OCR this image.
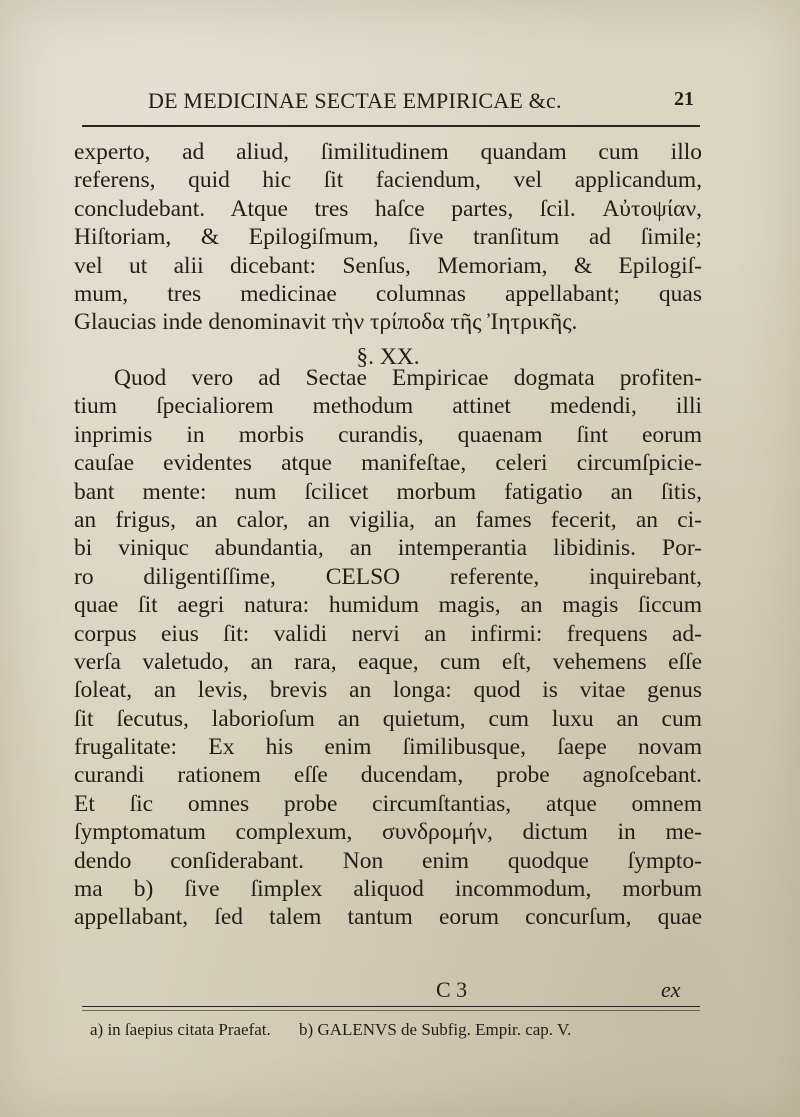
DE MEDICINAE SECTAE EMPIRICAE &c.	21
experto, ad aliud, ſimilitudinem quandam cum illo
referens, quid hic ſit faciendum, vel applicandum,
concludebant. Atque tres haſce partes, ſcil. Αὐτοψίαν,
Hiſtoriam, & Epilogiſmum, ſive tranſitum ad ſimile;
vel ut alii dicebant: Senſus, Memoriam, & Epilogiſ-
mum, tres medicinae columnas appellabant; quas
Glaucias inde denominavit τὴν τρίποδα τῆς Ἰητρικῆς.
§. XX.
Quod vero ad Sectae Empiricae dogmata profiten-
tium ſpecialiorem methodum attinet medendi, illi
inprimis in morbis curandis, quaenam ſint eorum
cauſae evidentes atque manifeſtae, celeri circumſpicie-
bant mente: num ſcilicet morbum fatigatio an ſitis,
an frigus, an calor, an vigilia, an fames fecerit, an ci-
bi viniquc abundantia, an intemperantia libidinis. Por-
ro diligentiſſime, CELSO referente, inquirebant,
quae ſit aegri natura: humidum magis, an magis ſiccum
corpus eius ſit: validi nervi an infirmi: frequens ad-
verſa valetudo, an rara, eaque, cum eſt, vehemens eſſe
ſoleat, an levis, brevis an longa: quod is vitae genus
ſit ſecutus, laborioſum an quietum, cum luxu an cum
frugalitate: Ex his enim ſimilibusque, ſaepe novam
curandi rationem eſſe ducendam, probe agnoſcebant.
Et ſic omnes probe circumſtantias, atque omnem
ſymptomatum complexum, συνδρομήν, dictum in me-
dendo conſiderabant. Non enim quodque ſympto-
ma b) ſive ſimplex aliquod incommodum, morbum
appellabant, ſed talem tantum eorum concurſum, quae
C 3	ex
a) in ſaepius citata Praefat. b) GALENVS de Subfig. Empir. cap. V.
